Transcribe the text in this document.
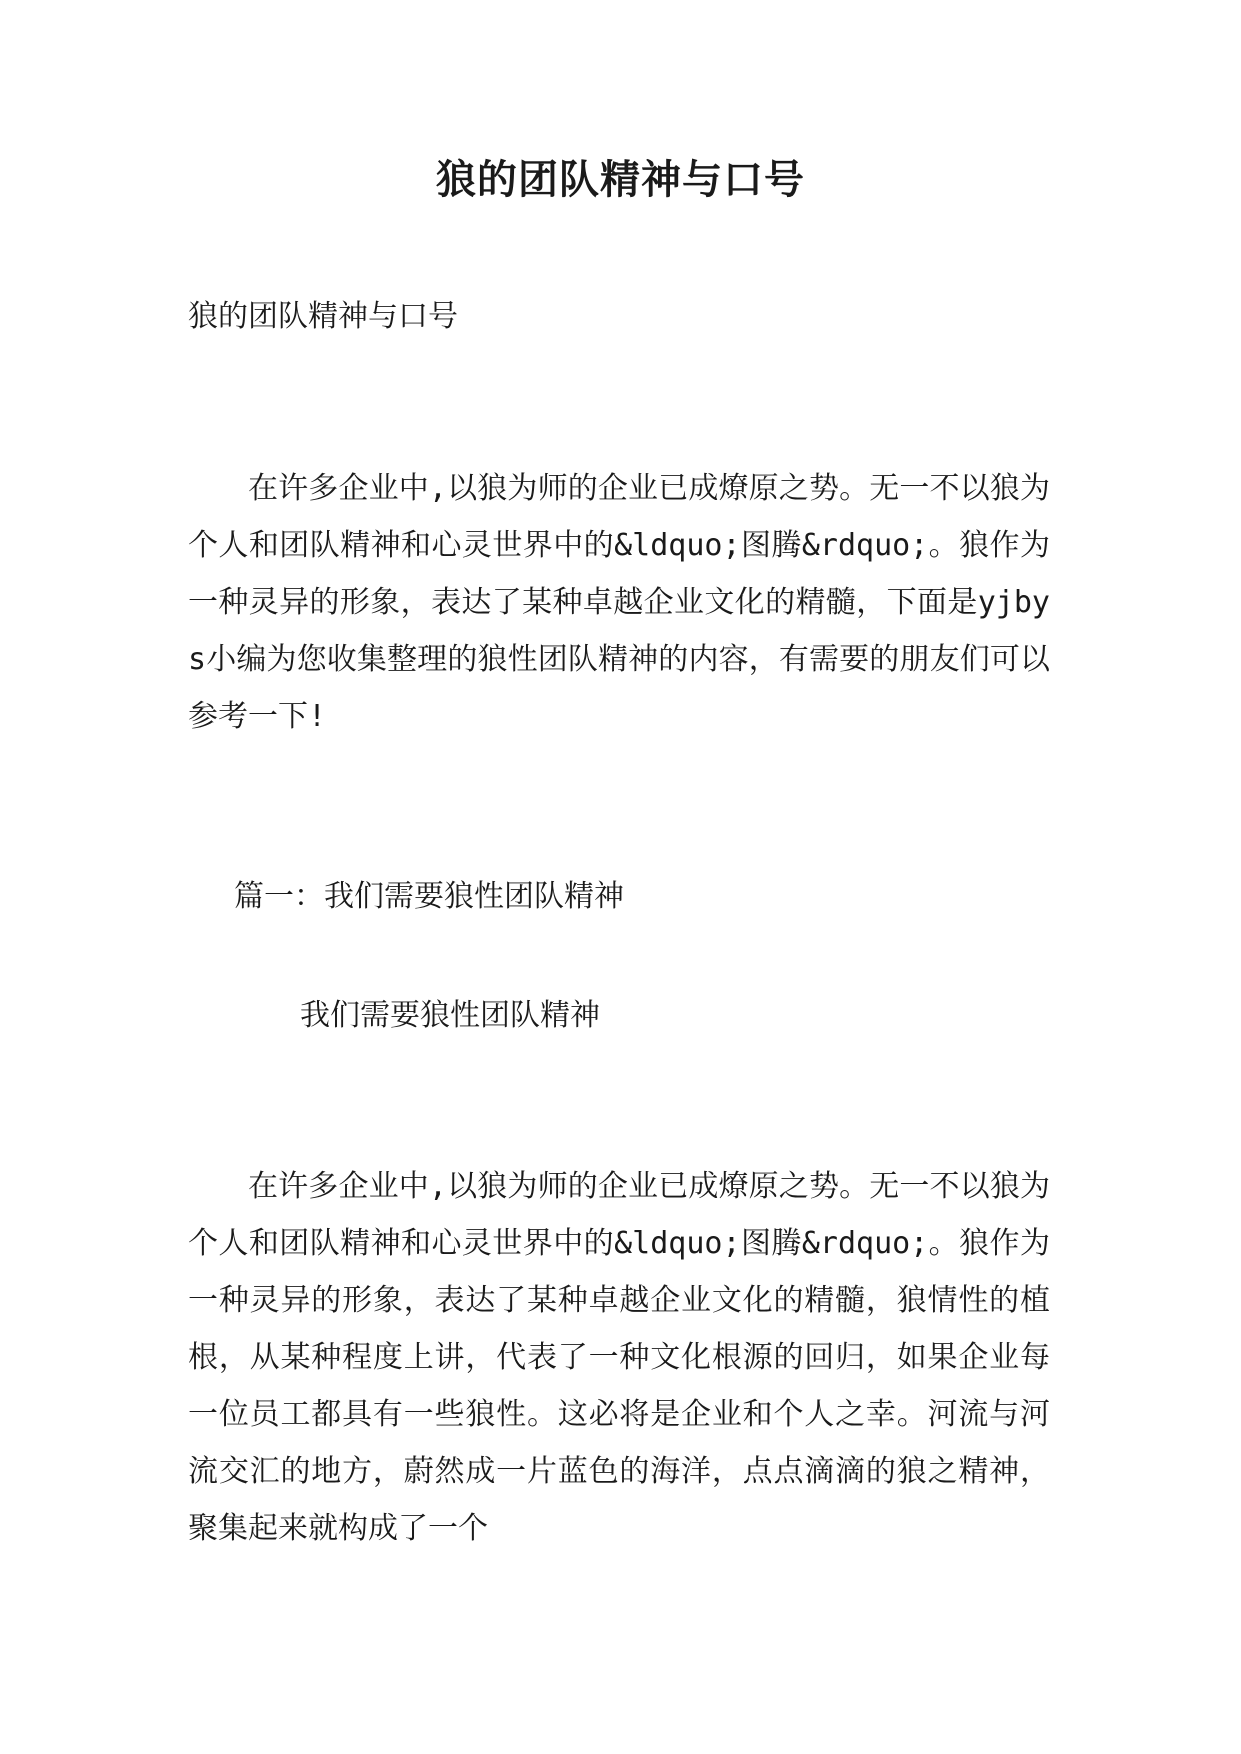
狼的团队精神与口号

狼的团队精神与口号

在许多企业中,以狼为师的企业已成燎原之势。无一不以狼为个人和团队精神和心灵世界中的&ldquo;图腾&rdquo;。狼作为一种灵异的形象，表达了某种卓越企业文化的精髓，下面是yjbys小编为您收集整理的狼性团队精神的内容，有需要的朋友们可以参考一下!

篇一：我们需要狼性团队精神

我们需要狼性团队精神

在许多企业中,以狼为师的企业已成燎原之势。无一不以狼为个人和团队精神和心灵世界中的&ldquo;图腾&rdquo;。狼作为一种灵异的形象，表达了某种卓越企业文化的精髓，狼情性的植根，从某种程度上讲，代表了一种文化根源的回归，如果企业每一位员工都具有一些狼性。这必将是企业和个人之幸。河流与河流交汇的地方，蔚然成一片蓝色的海洋，点点滴滴的狼之精神，聚集起来就构成了一个
